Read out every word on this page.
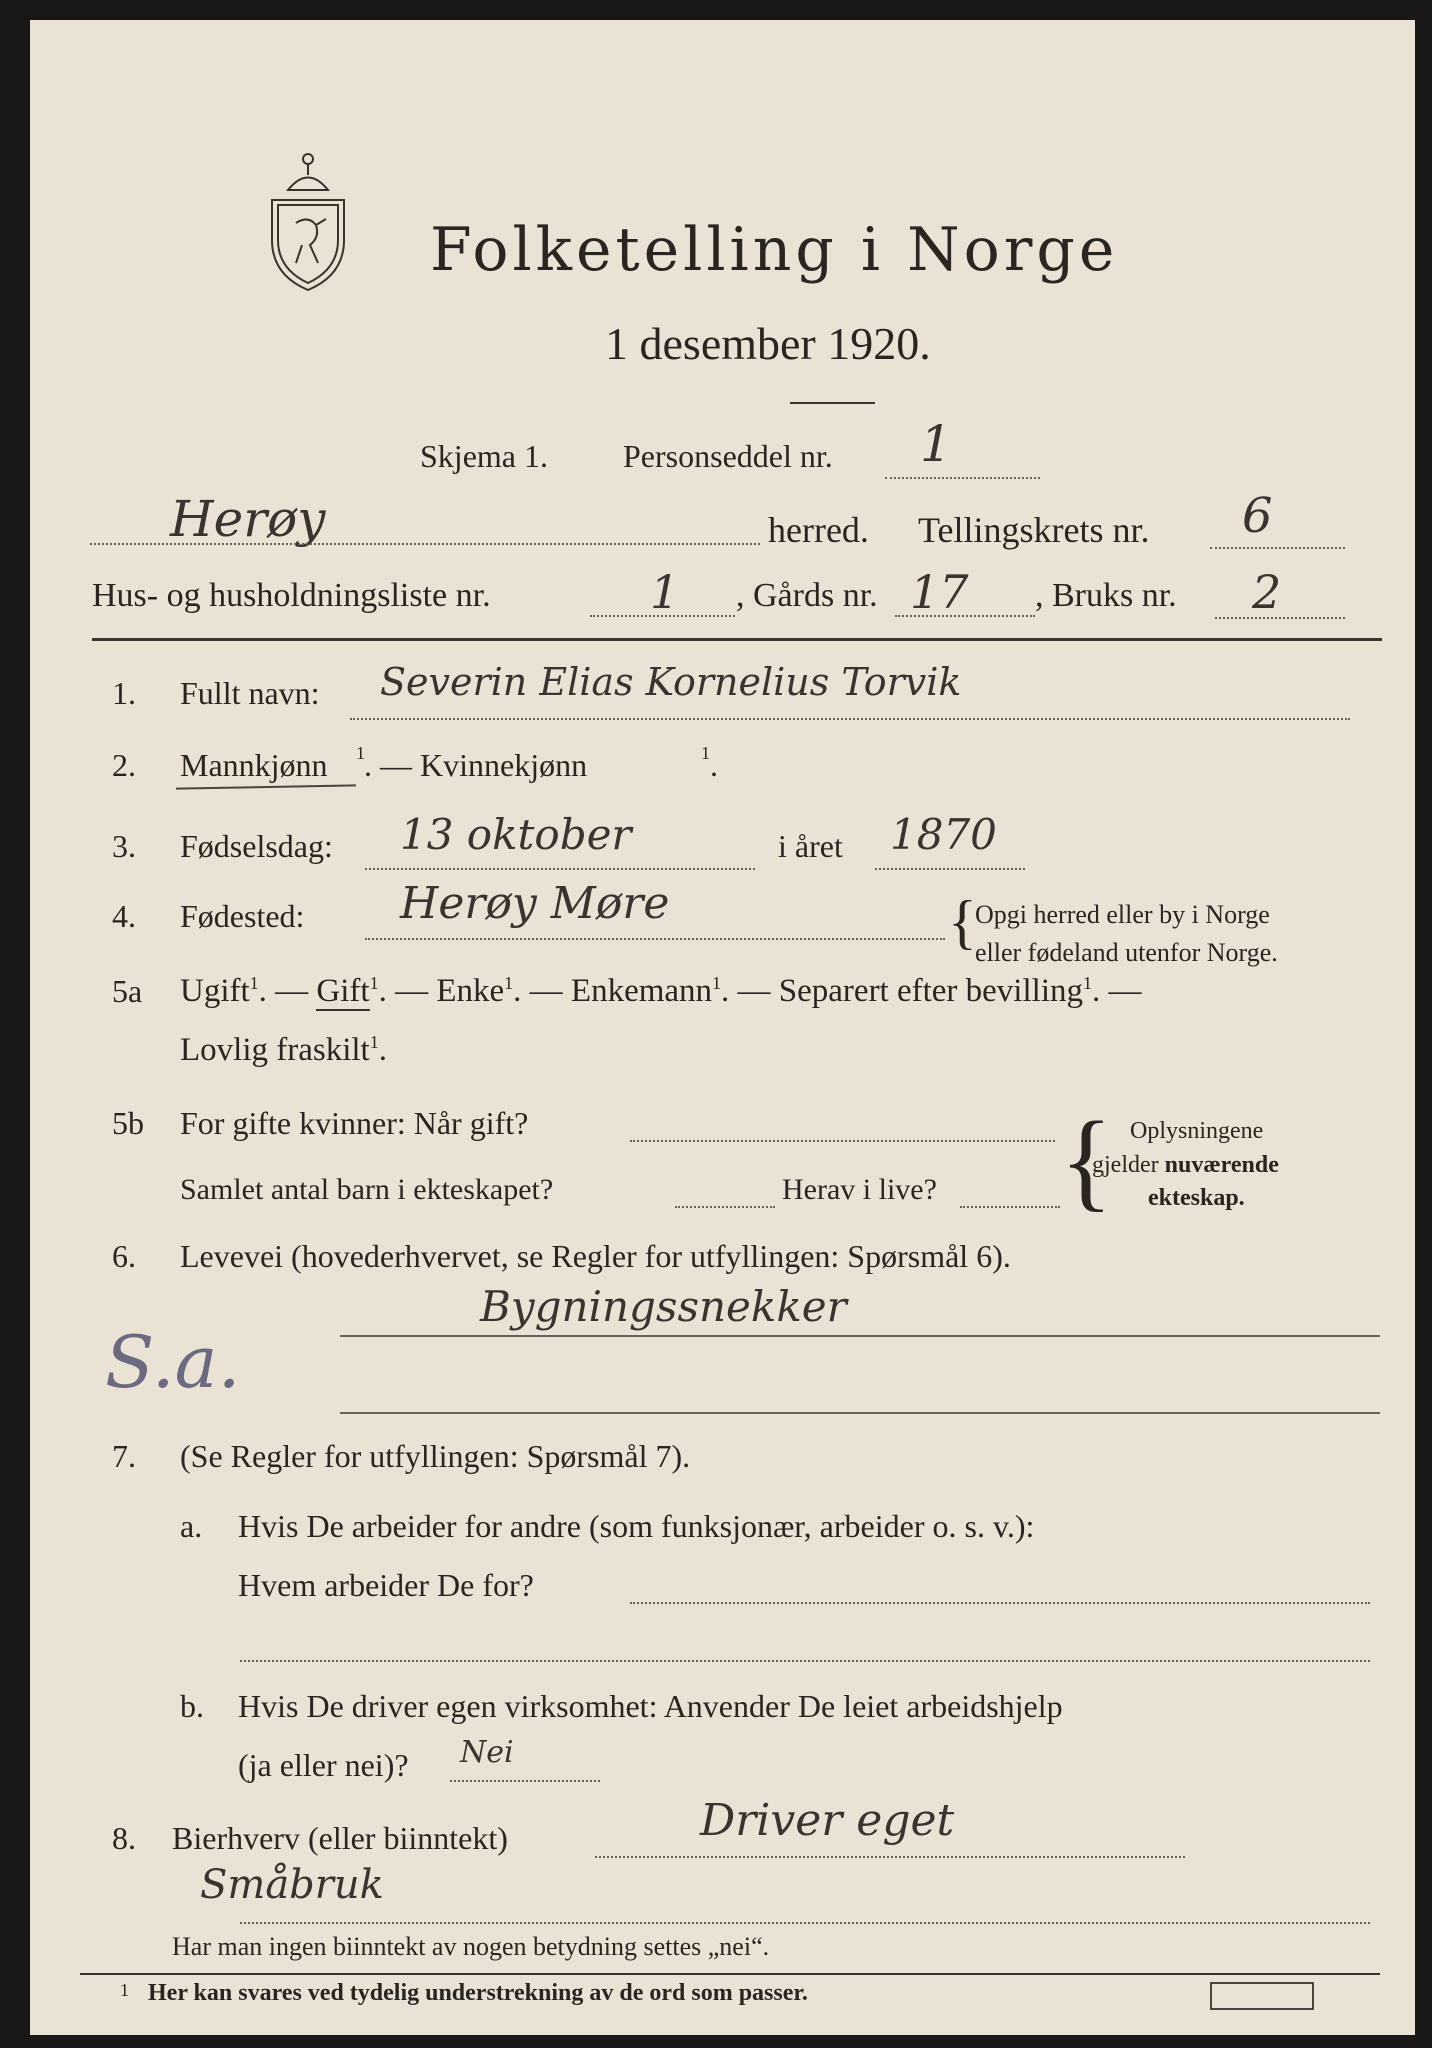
Folketelling i Norge
1 desember 1920.
Skjema 1. Personseddel nr. 1
Herøy	herred. Tellingskrets nr. 6
Hus- og husholdningsliste nr.	1 , Gårds nr. 17 , Bruks nr. 2
1. Fullt navn: Severin Elias Kornelius Torvik
2. Mannkjønn 1 . — Kvinnekjønn	1 .
3. Fødselsdag: 13 oktober	i året 1870
4. Fødested: Herøy Møre	{
Opgi herred eller by i Norge
eller fødeland utenfor Norge.
5a Ugift$^1$. — Gift$^1$. — Enke$^1$. — Enkemann$^1$. — Separert efter bevilling$^1$. —
Lovlig fraskilt$^1$.
5b For gifte kvinner: Når gift?
Samlet antal barn i ekteskapet?	Herav i live? { Oplysningene
gjelder nuværende
ekteskap.
6. Levevei (hovederhvervet, se Regler for utfyllingen: Spørsmål 6).
Bygningssnekker
S.a.
7. (Se Regler for utfyllingen: Spørsmål 7).
a. Hvis De arbeider for andre (som funksjonær, arbeider o. s. v.):
Hvem arbeider De for?
b. Hvis De driver egen virksomhet: Anvender De leiet arbeidshjelp
(ja eller nei)? Nei
8. Bierhverv (eller biinntekt)	Driver eget
Småbruk
Har man ingen biinntekt av nogen betydning settes „nei“.
1 Her kan svares ved tydelig understrekning av de ord som passer.
